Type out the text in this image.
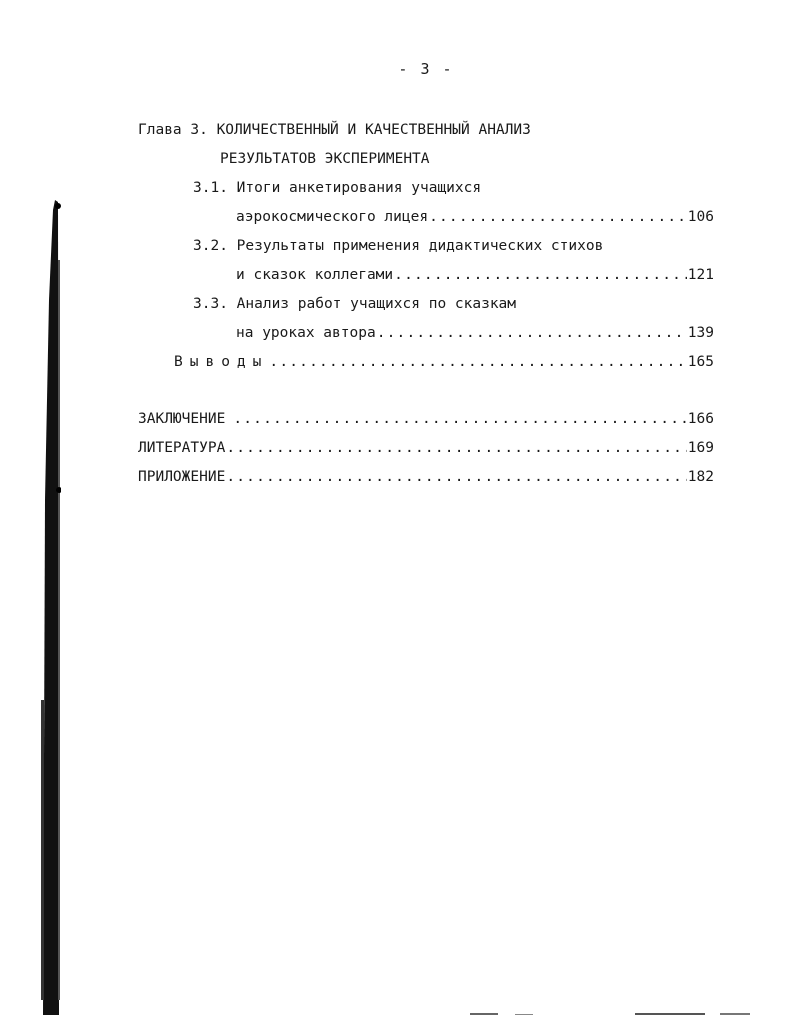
- 3 -
Глава 3. КОЛИЧЕСТВЕННЫЙ И КАЧЕСТВЕННЫЙ АНАЛИЗ
РЕЗУЛЬТАТОВ ЭКСПЕРИМЕНТА
3.1. Итоги анкетирования учащихся
аэрокосмического лицея .....	106
3.2. Результаты применения дидактических стихов
и сказок коллегами .....	121
3.3. Анализ работ учащихся по сказкам
на уроках автора .....	139
Выводы .....	165
ЗАКЛЮЧЕНИЕ .....	166
ЛИТЕРАТУРА .....	169
ПРИЛОЖЕНИЕ .....	182
